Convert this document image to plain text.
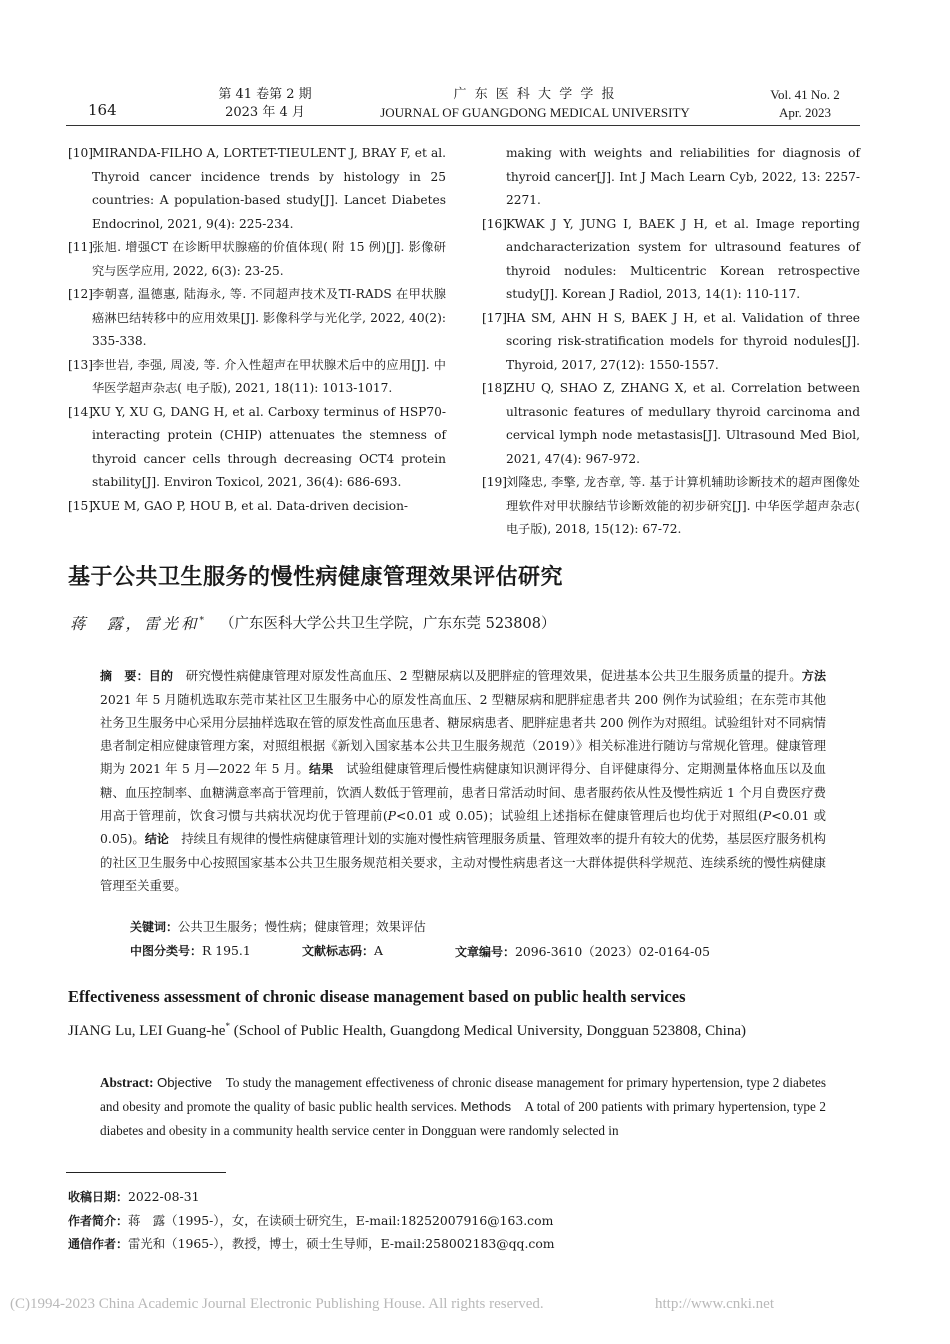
164
第 41 卷第 2 期
2023 年 4 月
广 东 医 科 大 学 学 报
JOURNAL OF GUANGDONG MEDICAL UNIVERSITY
Vol. 41 No. 2
Apr. 2023
[10]
MIRANDA-FILHO A, LORTET-TIEULENT J, BRAY F, et al. Thyroid cancer incidence trends by histology in 25 countries: A population-based study[J]. Lancet Diabetes Endocrinol, 2021, 9(4): 225-234.
[11]
张旭. 增强CT 在诊断甲状腺癌的价值体现( 附 15 例)[J]. 影像研究与医学应用, 2022, 6(3): 23-25.
[12]
李朝喜, 温德惠, 陆海永, 等. 不同超声技术及TI-RADS 在甲状腺癌淋巴结转移中的应用效果[J]. 影像科学与光化学, 2022, 40(2): 335-338.
[13]
李世岩, 李强, 周凌, 等. 介入性超声在甲状腺术后中的应用[J]. 中华医学超声杂志( 电子版), 2021, 18(11): 1013-1017.
[14]
XU Y, XU G, DANG H, et al. Carboxy terminus of HSP70-interacting protein (CHIP) attenuates the stemness of thyroid cancer cells through decreasing OCT4 protein stability[J]. Environ Toxicol, 2021, 36(4): 686-693.
[15]
XUE M, GAO P, HOU B, et al. Data-driven decision-
making with weights and reliabilities for diagnosis of thyroid cancer[J]. Int J Mach Learn Cyb, 2022, 13: 2257-2271.
[16]
KWAK J Y, JUNG I, BAEK J H, et al. Image reporting andcharacterization system for ultrasound features of thyroid nodules: Multicentric Korean retrospective study[J]. Korean J Radiol, 2013, 14(1): 110-117.
[17]
HA SM, AHN H S, BAEK J H, et al. Validation of three scoring risk-stratification models for thyroid nodules[J]. Thyroid, 2017, 27(12): 1550-1557.
[18]
ZHU Q, SHAO Z, ZHANG X, et al. Correlation between ultrasonic features of medullary thyroid carcinoma and cervical lymph node metastasis[J]. Ultrasound Med Biol, 2021, 47(4): 967-972.
[19]
刘隆忠, 李擎, 龙杏章, 等. 基于计算机辅助诊断技术的超声图像处理软件对甲状腺结节诊断效能的初步研究[J]. 中华医学超声杂志( 电子版), 2018, 15(12): 67-72.
基于公共卫生服务的慢性病健康管理效果评估研究
蒋　露，雷光和* （广东医科大学公共卫生学院，广东东莞 523808）
摘　要：目的　 研究慢性病健康管理对原发性高血压、2 型糖尿病以及肥胖症的管理效果，促进基本公共卫生服务质量的提升。方法　2021 年 5 月随机选取东莞市某社区卫生服务中心的原发性高血压、2 型糖尿病和肥胖症患者共 200 例作为试验组；在东莞市其他社务卫生服务中心采用分层抽样选取在管的原发性高血压患者、糖尿病患者、肥胖症患者共 200 例作为对照组。试验组针对不同病情患者制定相应健康管理方案，对照组根据《新划入国家基本公共卫生服务规范（2019）》相关标准进行随访与常规化管理。健康管理期为 2021 年 5 月—2022 年 5 月。结果　 试验组健康管理后慢性病健康知识测评得分、自评健康得分、定期测量体格血压以及血糖、血压控制率、血糖满意率高于管理前，饮酒人数低于管理前，患者日常活动时间、患者服药依从性及慢性病近 1 个月自费医疗费用高于管理前，饮食习惯与共病状况均优于管理前(P<0.01 或 0.05)；试验组上述指标在健康管理后也均优于对照组(P<0.01 或 0.05)。结论　 持续且有规律的慢性病健康管理计划的实施对慢性病管理服务质量、管理效率的提升有较大的优势，基层医疗服务机构的社区卫生服务中心按照国家基本公共卫生服务规范相关要求，主动对慢性病患者这一大群体提供科学规范、连续系统的慢性病健康管理至关重要。
关键词：公共卫生服务；慢性病；健康管理；效果评估
中图分类号：R 195.1	文献标志码：A	文章编号：2096-3610（2023）02-0164-05
Effectiveness assessment of chronic disease management based on public health services
JIANG Lu, LEI Guang-he* (School of Public Health, Guangdong Medical University, Dongguan 523808, China)
Abstract: Objective To study the management effectiveness of chronic disease management for primary hypertension, type 2 diabetes and obesity and promote the quality of basic public health services. Methods A total of 200 patients with primary hypertension, type 2 diabetes and obesity in a community health service center in Dongguan were randomly selected in
收稿日期：2022-08-31
作者简介：蒋　露（1995-），女，在读硕士研究生，E-mail:18252007916@163.com
通信作者：雷光和（1965-），教授，博士，硕士生导师，E-mail:258002183@qq.com
(C)1994-2023 China Academic Journal Electronic Publishing House. All rights reserved.	http://www.cnki.net
